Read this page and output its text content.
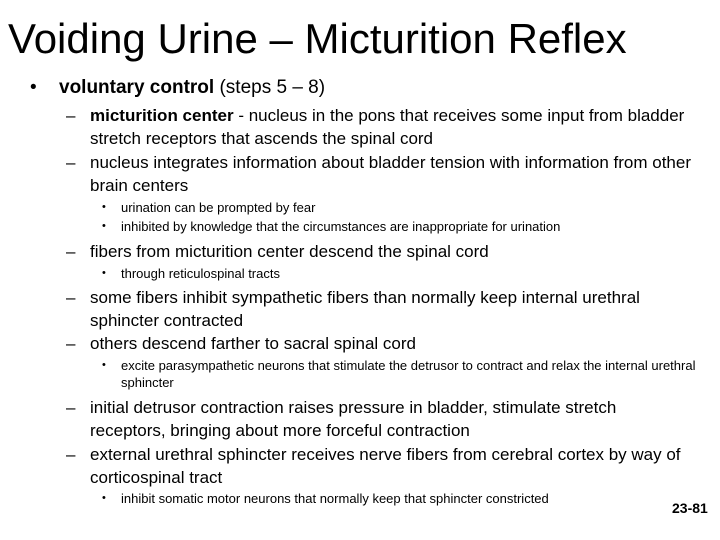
Voiding Urine – Micturition Reflex
• voluntary control (steps 5 – 8)
– micturition center - nucleus in the pons that receives some input from bladder stretch receptors that ascends the spinal cord
– nucleus integrates information about bladder tension with information from other brain centers
• urination can be prompted by fear
• inhibited by knowledge that the circumstances are inappropriate for urination
– fibers from micturition center descend the spinal cord
• through reticulospinal tracts
– some fibers inhibit sympathetic fibers than normally keep internal urethral sphincter contracted
– others descend farther to sacral spinal cord
• excite parasympathetic neurons that stimulate the detrusor to contract and relax the internal urethral sphincter
– initial detrusor contraction raises pressure in bladder, stimulate stretch receptors, bringing about more forceful contraction
– external urethral sphincter receives nerve fibers from cerebral cortex by way of corticospinal tract
• inhibit somatic motor neurons that normally keep that sphincter constricted
23-81
